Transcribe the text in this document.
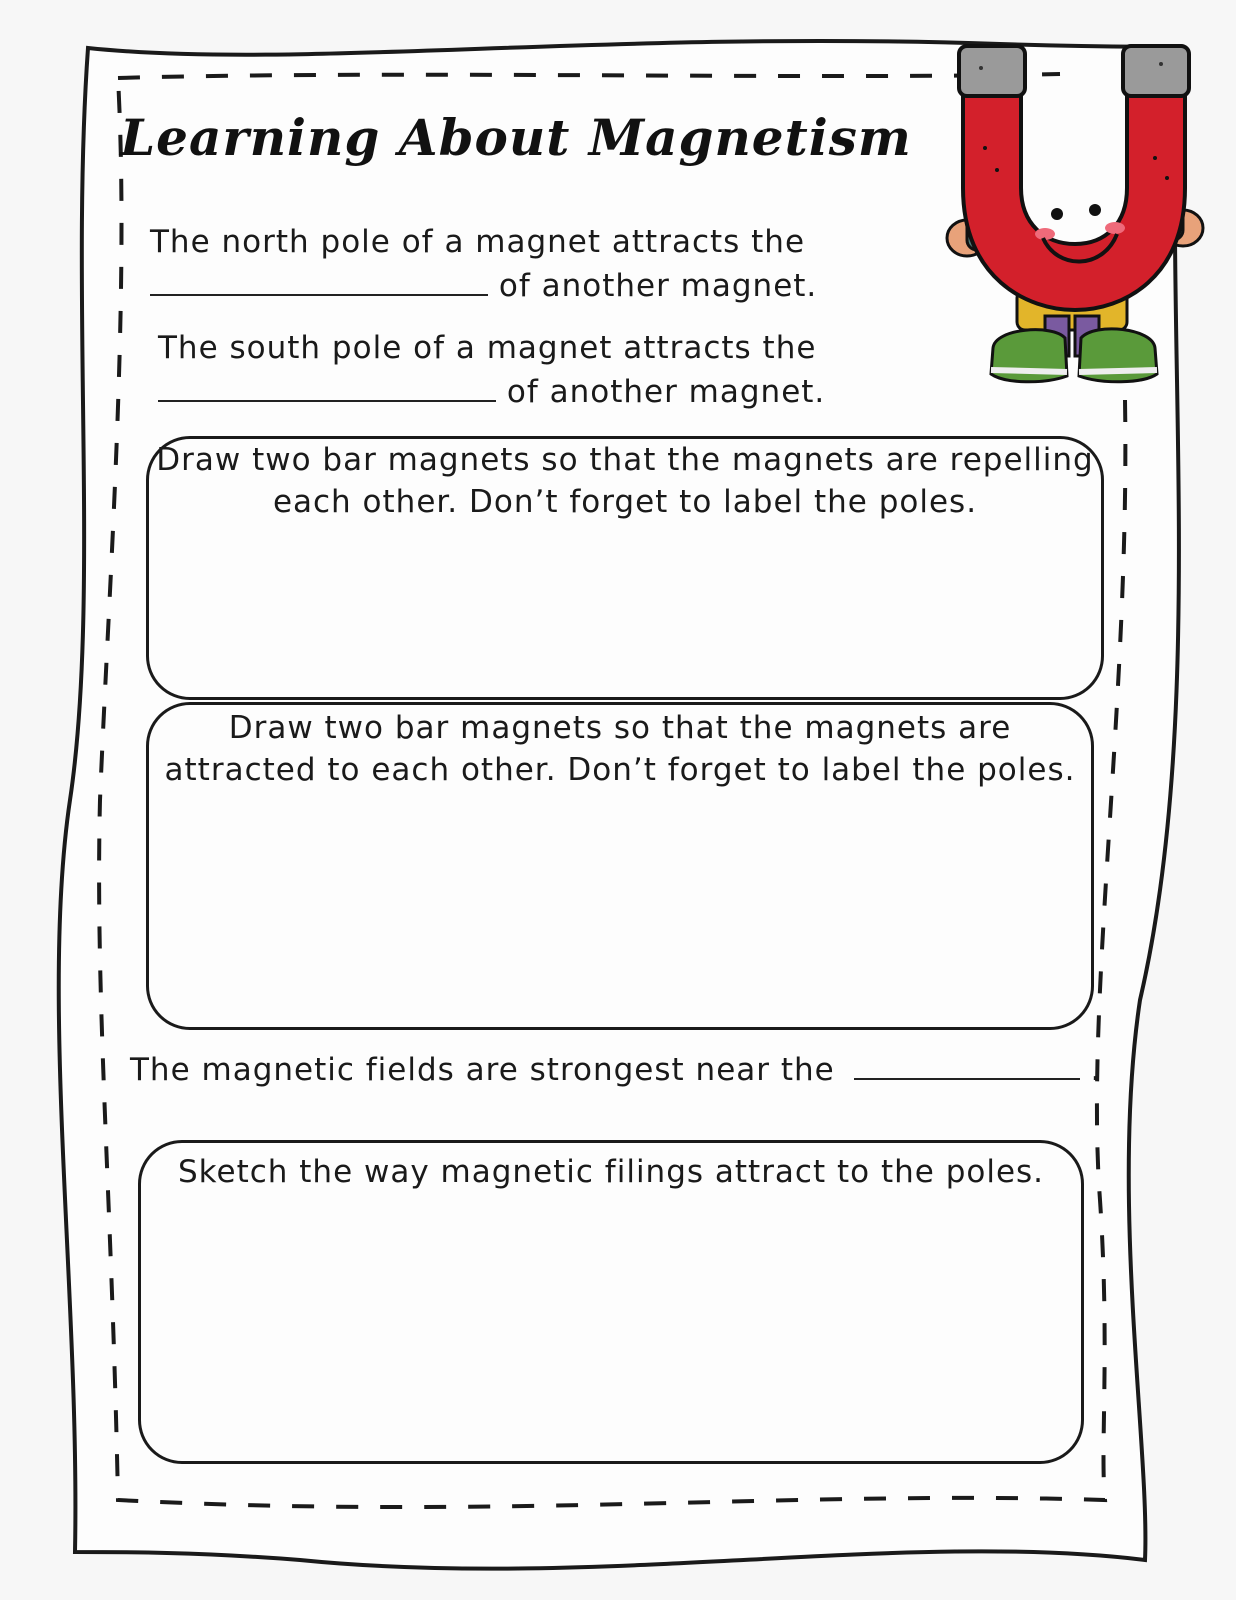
Learning About Magnetism

The north pole of a magnet attracts the

of another magnet.

The south pole of a magnet attracts the

of another magnet.
Draw two bar magnets so that the magnets are repelling
each other. Don’t forget to label the poles.
Draw two bar magnets so that the magnets are
attracted to each other. Don’t forget to label the poles.
The magnetic fields are strongest near the	.
Sketch the way magnetic filings attract to the poles.
